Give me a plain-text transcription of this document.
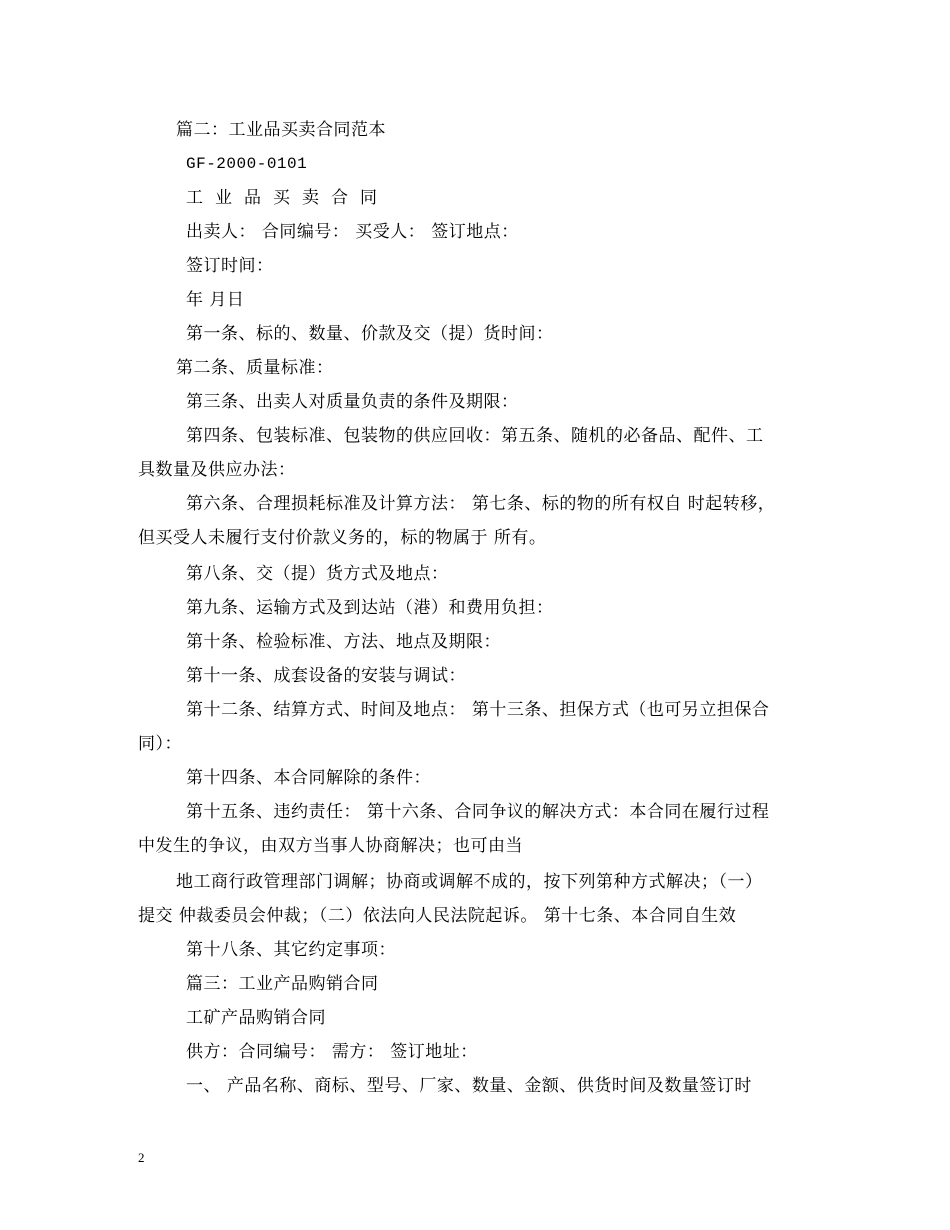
篇二：工业品买卖合同范本
GF-2000-0101
工业品买卖合同
出卖人： 合同编号： 买受人： 签订地点：
签订时间：
年 月日
第一条、标的、数量、价款及交（提）货时间：
第二条、质量标准：
第三条、出卖人对质量负责的条件及期限：
第四条、包装标准、包装物的供应回收：第五条、随机的必备品、配件、工
具数量及供应办法：
第六条、合理损耗标准及计算方法： 第七条、标的物的所有权自 时起转移，
但买受人未履行支付价款义务的，标的物属于 所有。
第八条、交（提）货方式及地点：
第九条、运输方式及到达站（港）和费用负担：
第十条、检验标准、方法、地点及期限：
第十一条、成套设备的安装与调试：
第十二条、结算方式、时间及地点： 第十三条、担保方式（也可另立担保合
同）：
第十四条、本合同解除的条件：
第十五条、违约责任： 第十六条、合同争议的解决方式：本合同在履行过程
中发生的争议，由双方当事人协商解决；也可由当
地工商行政管理部门调解；协商或调解不成的，按下列第种方式解决；（一）
提交 仲裁委员会仲裁；（二）依法向人民法院起诉。 第十七条、本合同自生效
第十八条、其它约定事项：
篇三：工业产品购销合同
工矿产品购销合同
供方：合同编号： 需方： 签订地址：
一、 产品名称、商标、型号、厂家、数量、金额、供货时间及数量签订时
2
